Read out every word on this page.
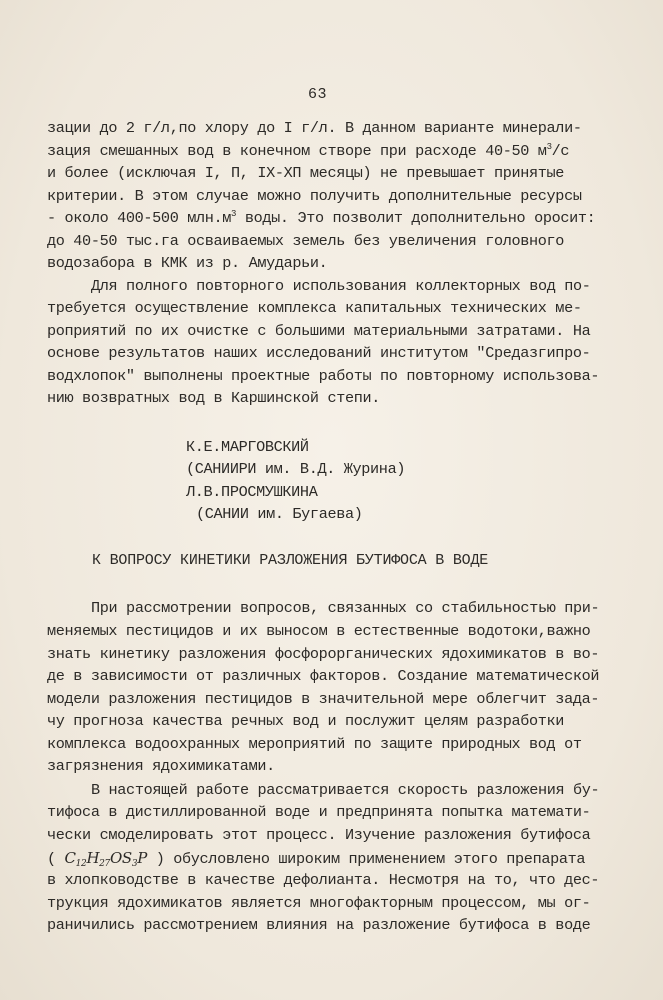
63
зации до 2 г/л,по хлору до I г/л. В данном варианте минерали-
зация смешанных вод в конечном створе при расходе 40-50 $м^3/с$
и более (исключая I, П, IX-XП месяцы) не превышает принятые
критерии. В этом случае можно получить дополнительные ресурсы
- около 400-500 $млн.м^3$ воды. Это позволит дополнительно оросит:
до 40-50 тыс.га осваиваемых земель без увеличения головного
водозабора в КМК из р. Амударьи.
Для полного повторного использования коллекторных вод по-
требуется осуществление комплекса капитальных технических ме-
роприятий по их очистке с большими материальными затратами. На
основе результатов наших исследований институтом "Средазгипро-
водхлопок" выполнены проектные работы по повторному использова-
нию возвратных вод в Каршинской степи.
К.Е.МАРГОВСКИЙ
(САНИИРИ им. В.Д. Журина)
Л.В.ПРОСМУШКИНА
(САНИИ им. Бугаева)
К ВОПРОСУ КИНЕТИКИ РАЗЛОЖЕНИЯ БУТИФОСА В ВОДЕ
При рассмотрении вопросов, связанных со стабильностью при-
меняемых пестицидов и их выносом в естественные водотоки,важно
знать кинетику разложения фосфорорганических ядохимикатов в во-
де в зависимости от различных факторов. Создание математической
модели разложения пестицидов в значительной мере облегчит зада-
чу прогноза качества речных вод и послужит целям разработки
комплекса водоохранных мероприятий по защите природных вод от
загрязнения ядохимикатами.
В настоящей работе рассматривается скорость разложения бу-
тифоса в дистиллированной воде и предпринята попытка математи-
чески смоделировать этот процесс. Изучение разложения бутифоса
( $C_{12}H_{27}OS_3P$ ) обусловлено широким применением этого препарата
в хлопководстве в качестве дефолианта. Несмотря на то, что дес-
трукция ядохимикатов является многофакторным процессом, мы ог-
раничились рассмотрением влияния на разложение бутифоса в воде
